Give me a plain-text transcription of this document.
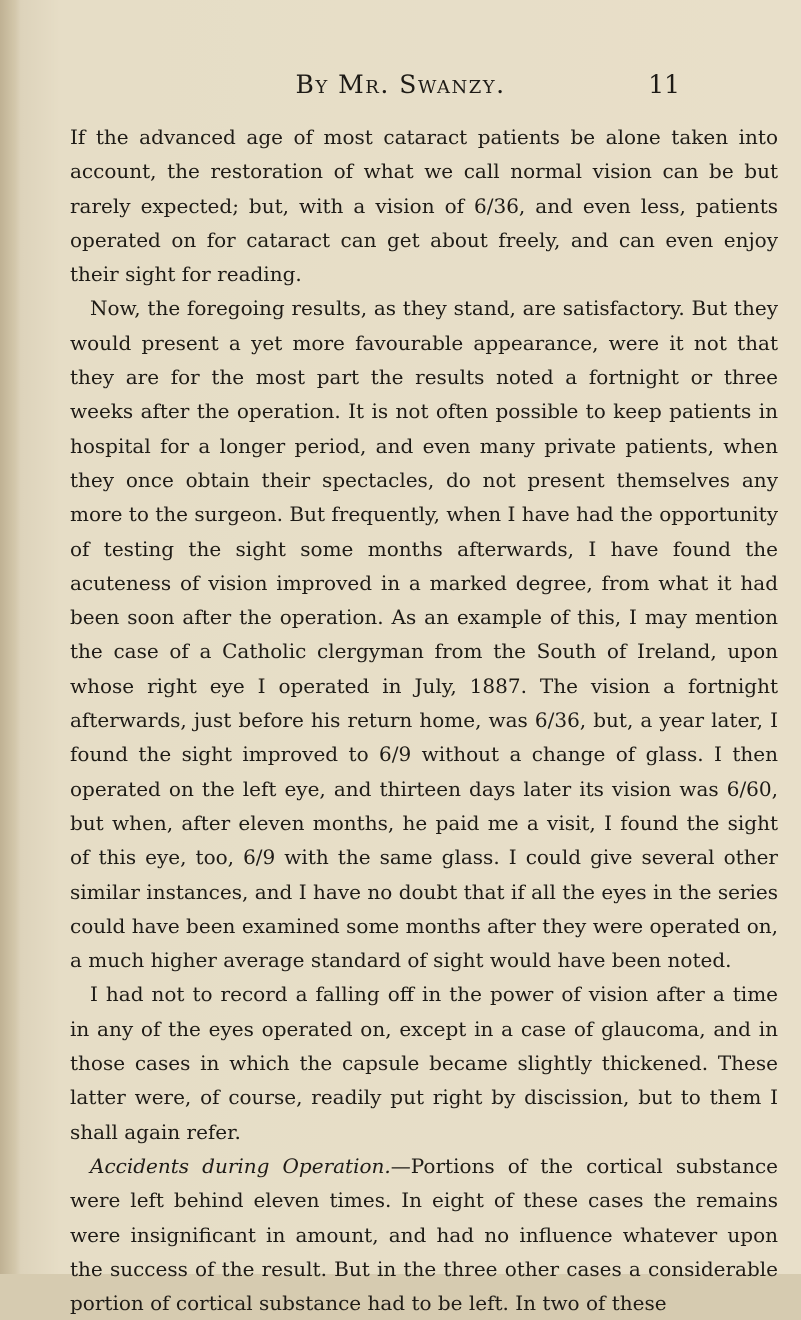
By Mr. Swanzy.	11

If the advanced age of most cataract patients be alone taken into account, the restoration of what we call normal vision can be but rarely expected; but, with a vision of 6/36, and even less, patients operated on for cataract can get about freely, and can even enjoy their sight for reading.

Now, the foregoing results, as they stand, are satisfactory. But they would present a yet more favourable appearance, were it not that they are for the most part the results noted a fortnight or three weeks after the operation. It is not often possible to keep patients in hospital for a longer period, and even many private patients, when they once obtain their spectacles, do not present themselves any more to the surgeon. But frequently, when I have had the opportunity of testing the sight some months afterwards, I have found the acuteness of vision improved in a marked degree, from what it had been soon after the operation. As an example of this, I may mention the case of a Catholic clergyman from the South of Ireland, upon whose right eye I operated in July, 1887. The vision a fortnight afterwards, just before his return home, was 6/36, but, a year later, I found the sight improved to 6/9 without a change of glass. I then operated on the left eye, and thirteen days later its vision was 6/60, but when, after eleven months, he paid me a visit, I found the sight of this eye, too, 6/9 with the same glass. I could give several other similar instances, and I have no doubt that if all the eyes in the series could have been examined some months after they were operated on, a much higher average standard of sight would have been noted.

I had not to record a falling off in the power of vision after a time in any of the eyes operated on, except in a case of glaucoma, and in those cases in which the capsule became slightly thickened. These latter were, of course, readily put right by discission, but to them I shall again refer.

Accidents during Operation.—Portions of the cortical substance were left behind eleven times. In eight of these cases the remains were insignificant in amount, and had no influence whatever upon the success of the result. But in the three other cases a considerable portion of cortical substance had to be left. In two of these
